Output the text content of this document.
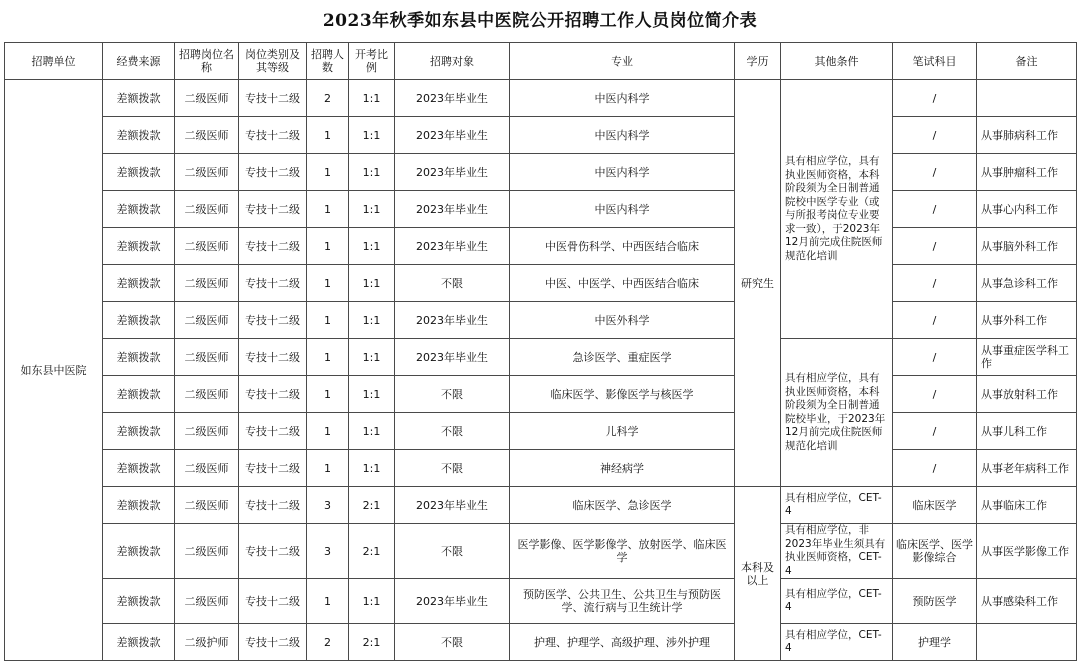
2023年秋季如东县中医院公开招聘工作人员岗位简介表
招聘单位	经费来源	招聘岗位名 称	岗位类别及其等级	招聘人数	开考比例	招聘对象	专业	学历	其他条件	笔试科目	备注
如东县中医院	差额拨款	二级医师	专技十二级	2	1:1	2023年毕业生	中医内科学	研究生	具有相应学位，具有执业医师资格，本科阶段须为全日制普通院校中医学专业（或与所报考岗位专业要求一致），于2023年12月前完成住院医师规范化培训	/	
	差额拨款	二级医师	专技十二级	1	1:1	2023年毕业生	中医内科学			/	从事肺病科工作
	差额拨款	二级医师	专技十二级	1	1:1	2023年毕业生	中医内科学			/	从事肿瘤科工作
	差额拨款	二级医师	专技十二级	1	1:1	2023年毕业生	中医内科学			/	从事心内科工作
	差额拨款	二级医师	专技十二级	1	1:1	2023年毕业生	中医骨伤科学、中西医结合临床			/	从事脑外科工作
	差额拨款	二级医师	专技十二级	1	1:1	不限	中医、中医学、中西医结合临床			/	从事急诊科工作
	差额拨款	二级医师	专技十二级	1	1:1	2023年毕业生	中医外科学			/	从事外科工作
	差额拨款	二级医师	专技十二级	1	1:1	2023年毕业生	急诊医学、重症医学		具有相应学位，具有执业医师资格，本科阶段须为全日制普通院校毕业，于2023年12月前完成住院医师规范化培训	/	从事重症医学科工作
	差额拨款	二级医师	专技十二级	1	1:1	不限	临床医学、影像医学与核医学			/	从事放射科工作
	差额拨款	二级医师	专技十二级	1	1:1	不限	儿科学			/	从事儿科工作
	差额拨款	二级医师	专技十二级	1	1:1	不限	神经病学			/	从事老年病科工作
	差额拨款	二级医师	专技十二级	3	2:1	2023年毕业生	临床医学、急诊医学	本科及以上	具有相应学位，CET-4	临床医学	从事临床工作
	差额拨款	二级医师	专技十二级	3	2:1	不限	医学影像、医学影像学、放射医学、临床医学		具有相应学位，非2023年毕业生须具有执业医师资格，CET-4	临床医学、医学影像综合	从事医学影像工作
	差额拨款	二级医师	专技十二级	1	1:1	2023年毕业生	预防医学、公共卫生、公共卫生与预防医学、流行病与卫生统计学		具有相应学位，CET-4	预防医学	从事感染科工作
	差额拨款	二级护师	专技十二级	2	2:1	不限	护理、护理学、高级护理、涉外护理		具有相应学位，CET-4	护理学	
